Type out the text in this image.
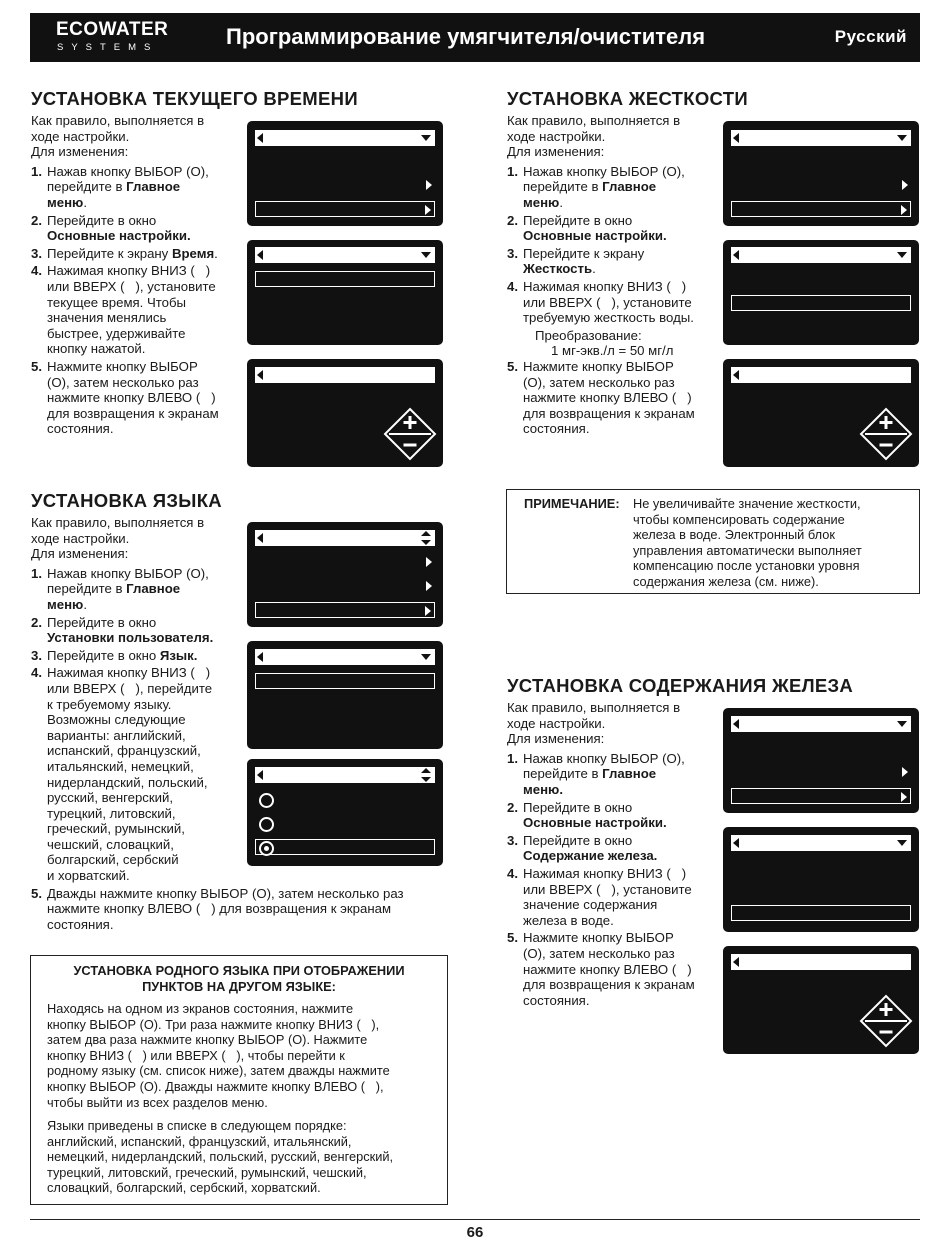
ECOWATER
SYSTEMS	Программирование умягчителя/очистителя	Русский
УСТАНОВКА ТЕКУЩЕГО ВРЕМЕНИ

Как правило, выполняется в
ходе настройки.
Для изменения:

1. Нажав кнопку ВЫБОР (О),
перейдите в Главное
меню.
2. Перейдите в окно
Основные настройки.
3. Перейдите к экрану Время.
4. Нажимая кнопку ВНИЗ (   )
или ВВЕРХ (   ), установите
текущее время. Чтобы
значения менялись
быстрее, удерживайте
кнопку нажатой.
5. Нажмите кнопку ВЫБОР
(О), затем несколько раз
нажмите кнопку ВЛЕВО (   )
для возвращения к экранам
состояния.
УСТАНОВКА ЖЕСТКОСТИ

Как правило, выполняется в
ходе настройки.
Для изменения:

1. Нажав кнопку ВЫБОР (О),
перейдите в Главное
меню.
2. Перейдите в окно
Основные настройки.
3. Перейдите к экрану
Жесткость.
4. Нажимая кнопку ВНИЗ (   )
или ВВЕРХ (   ), установите
требуемую жесткость воды.
Преобразование:
1 мг-экв./л = 50 мг/л
5. Нажмите кнопку ВЫБОР
(О), затем несколько раз
нажмите кнопку ВЛЕВО (   )
для возвращения к экранам
состояния.
ПРИМЕЧАНИЕ:	Не увеличивайте значение жесткости,
чтобы компенсировать содержание
железа в воде. Электронный блок
управления автоматически выполняет
компенсацию после установки уровня
содержания железа (см. ниже).
УСТАНОВКА ЯЗЫКА

Как правило, выполняется в
ходе настройки.
Для изменения:

1. Нажав кнопку ВЫБОР (О),
перейдите в Главное
меню.
2. Перейдите в окно
Установки пользователя.
3. Перейдите в окно Язык.
4. Нажимая кнопку ВНИЗ (   )
или ВВЕРХ (   ), перейдите
к требуемому языку.
Возможны следующие
варианты: английский,
испанский, французский,
итальянский, немецкий,
нидерландский, польский,
русский, венгерский,
турецкий, литовский,
греческий, румынский,
чешский, словацкий,
болгарский, сербский
и хорватский.
5. Дважды нажмите кнопку ВЫБОР (О), затем несколько раз
нажмите кнопку ВЛЕВО (   ) для возвращения к экранам
состояния.
УСТАНОВКА РОДНОГО ЯЗЫКА ПРИ ОТОБРАЖЕНИИ
ПУНКТОВ НА ДРУГОМ ЯЗЫКЕ:
Находясь на одном из экранов состояния, нажмите
кнопку ВЫБОР (О). Три раза нажмите кнопку ВНИЗ (   ),
затем два раза нажмите кнопку ВЫБОР (О). Нажмите
кнопку ВНИЗ (   ) или ВВЕРХ (   ), чтобы перейти к
родному языку (см. список ниже), затем дважды нажмите
кнопку ВЫБОР (О). Дважды нажмите кнопку ВЛЕВО (   ),
чтобы выйти из всех разделов меню.
Языки приведены в списке в следующем порядке:
английский, испанский, французский, итальянский,
немецкий, нидерландский, польский, русский, венгерский,
турецкий, литовский, греческий, румынский, чешский,
словацкий, болгарский, сербский, хорватский.
УСТАНОВКА СОДЕРЖАНИЯ ЖЕЛЕЗА

Как правило, выполняется в
ходе настройки.
Для изменения:

1. Нажав кнопку ВЫБОР (О),
перейдите в Главное
меню.
2. Перейдите в окно
Основные настройки.
3. Перейдите в окно
Содержание железа.
4. Нажимая кнопку ВНИЗ (   )
или ВВЕРХ (   ), установите
значение содержания
железа в воде.
5. Нажмите кнопку ВЫБОР
(О), затем несколько раз
нажмите кнопку ВЛЕВО (   )
для возвращения к экранам
состояния.
66
